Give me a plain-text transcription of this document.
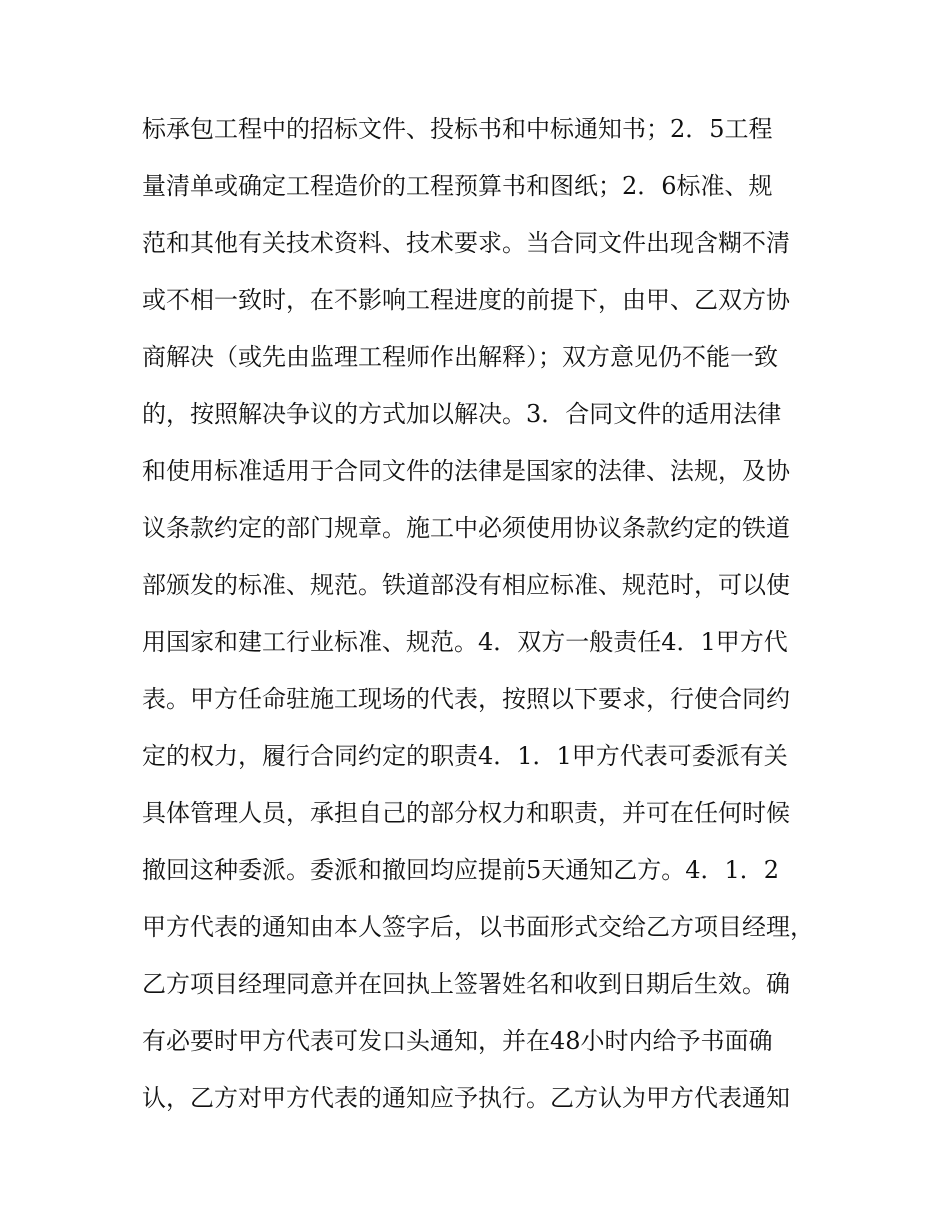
标承包工程中的招标文件、投标书和中标通知书；2．5工程
量清单或确定工程造价的工程预算书和图纸；2．6标准、规
范和其他有关技术资料、技术要求。当合同文件出现含糊不清
或不相一致时，在不影响工程进度的前提下，由甲、乙双方协
商解决（或先由监理工程师作出解释）；双方意见仍不能一致
的，按照解决争议的方式加以解决。3．合同文件的适用法律
和使用标准适用于合同文件的法律是国家的法律、法规，及协
议条款约定的部门规章。施工中必须使用协议条款约定的铁道
部颁发的标准、规范。铁道部没有相应标准、规范时，可以使
用国家和建工行业标准、规范。4．双方一般责任4．1甲方代
表。甲方任命驻施工现场的代表，按照以下要求，行使合同约
定的权力，履行合同约定的职责4．1．1甲方代表可委派有关
具体管理人员，承担自己的部分权力和职责，并可在任何时候
撤回这种委派。委派和撤回均应提前5天通知乙方。4．1．2
甲方代表的通知由本人签字后，以书面形式交给乙方项目经理，
乙方项目经理同意并在回执上签署姓名和收到日期后生效。确
有必要时甲方代表可发口头通知，并在48小时内给予书面确
认，乙方对甲方代表的通知应予执行。乙方认为甲方代表通知
